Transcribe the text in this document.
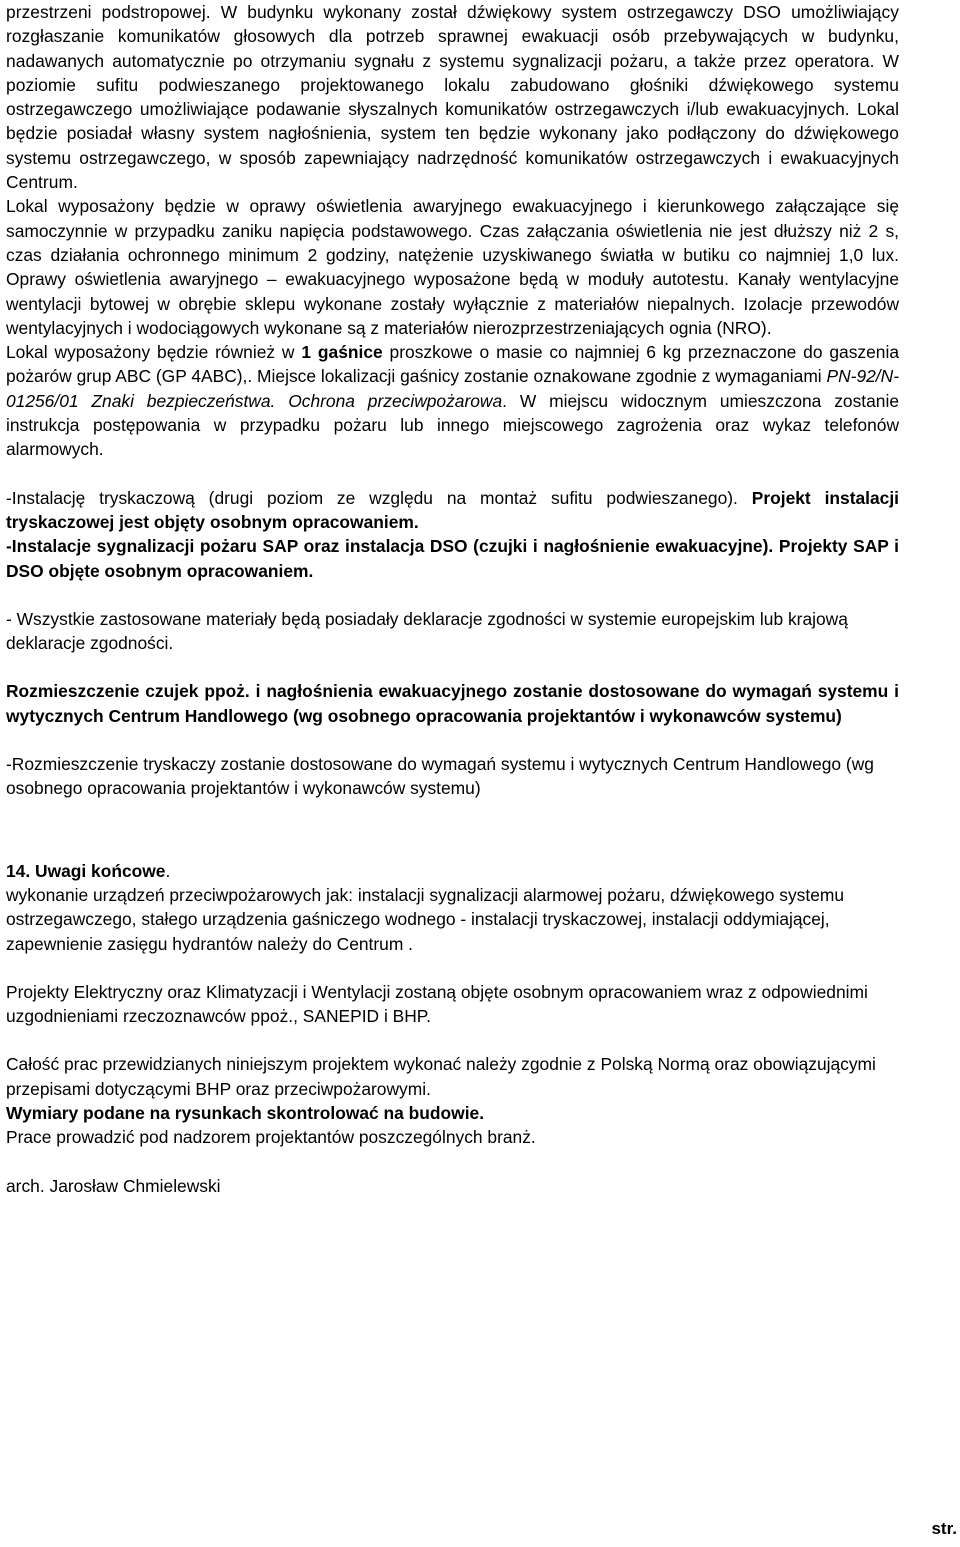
przestrzeni podstropowej. W budynku wykonany został dźwiękowy system ostrzegawczy DSO umożliwiający rozgłaszanie komunikatów głosowych dla potrzeb sprawnej ewakuacji osób przebywających w budynku, nadawanych automatycznie po otrzymaniu sygnału z systemu sygnalizacji pożaru, a także przez operatora. W poziomie sufitu podwieszanego projektowanego lokalu zabudowano głośniki dźwiękowego systemu ostrzegawczego umożliwiające podawanie słyszalnych komunikatów ostrzegawczych i/lub ewakuacyjnych. Lokal będzie posiadał własny system nagłośnienia, system ten będzie wykonany jako podłączony do dźwiękowego systemu ostrzegawczego, w sposób zapewniający nadrzędność komunikatów ostrzegawczych i ewakuacyjnych Centrum.

Lokal wyposażony będzie w oprawy oświetlenia awaryjnego ewakuacyjnego i kierunkowego załączające się samoczynnie w przypadku zaniku napięcia podstawowego. Czas załączania oświetlenia nie jest dłuższy niż 2 s, czas działania ochronnego minimum 2 godziny, natężenie uzyskiwanego światła w butiku co najmniej 1,0 lux. Oprawy oświetlenia awaryjnego – ewakuacyjnego wyposażone będą w moduły autotestu. Kanały wentylacyjne wentylacji bytowej w obrębie sklepu wykonane zostały wyłącznie z materiałów niepalnych. Izolacje przewodów wentylacyjnych i wodociągowych wykonane są z materiałów nierozprzestrzeniających ognia (NRO).

Lokal wyposażony będzie również w 1 gaśnice proszkowe o masie co najmniej 6 kg przeznaczone do gaszenia pożarów grup ABC (GP 4ABC),. Miejsce lokalizacji gaśnicy zostanie oznakowane zgodnie z wymaganiami PN-92/N-01256/01 Znaki bezpieczeństwa. Ochrona przeciwpożarowa. W miejscu widocznym umieszczona zostanie instrukcja postępowania w przypadku pożaru lub innego miejscowego zagrożenia oraz wykaz telefonów alarmowych.

-Instalację tryskaczową (drugi poziom ze względu na montaż sufitu podwieszanego). Projekt instalacji tryskaczowej jest objęty osobnym opracowaniem.

-Instalacje sygnalizacji pożaru SAP oraz instalacja DSO (czujki i nagłośnienie ewakuacyjne). Projekty SAP i DSO objęte osobnym opracowaniem.

- Wszystkie zastosowane materiały będą posiadały deklaracje zgodności w systemie europejskim lub krajową deklaracje zgodności.

Rozmieszczenie czujek ppoż. i nagłośnienia ewakuacyjnego zostanie dostosowane do wymagań systemu i wytycznych Centrum Handlowego (wg osobnego opracowania projektantów i wykonawców systemu)

-Rozmieszczenie tryskaczy zostanie dostosowane do wymagań systemu i wytycznych Centrum Handlowego (wg osobnego opracowania projektantów i wykonawców systemu)

14. Uwagi końcowe.

wykonanie urządzeń przeciwpożarowych jak: instalacji sygnalizacji alarmowej pożaru, dźwiękowego systemu ostrzegawczego, stałego urządzenia gaśniczego wodnego - instalacji tryskaczowej, instalacji oddymiającej, zapewnienie zasięgu hydrantów należy do Centrum .

Projekty Elektryczny oraz Klimatyzacji i Wentylacji zostaną objęte osobnym opracowaniem wraz z odpowiednimi uzgodnieniami rzeczoznawców ppoż., SANEPID i BHP.

Całość prac przewidzianych niniejszym projektem wykonać należy zgodnie z Polską Normą oraz obowiązującymi przepisami dotyczącymi BHP oraz przeciwpożarowymi.

Wymiary podane na rysunkach skontrolować na budowie.

Prace prowadzić pod nadzorem projektantów poszczególnych branż.

arch. Jarosław Chmielewski

str.
